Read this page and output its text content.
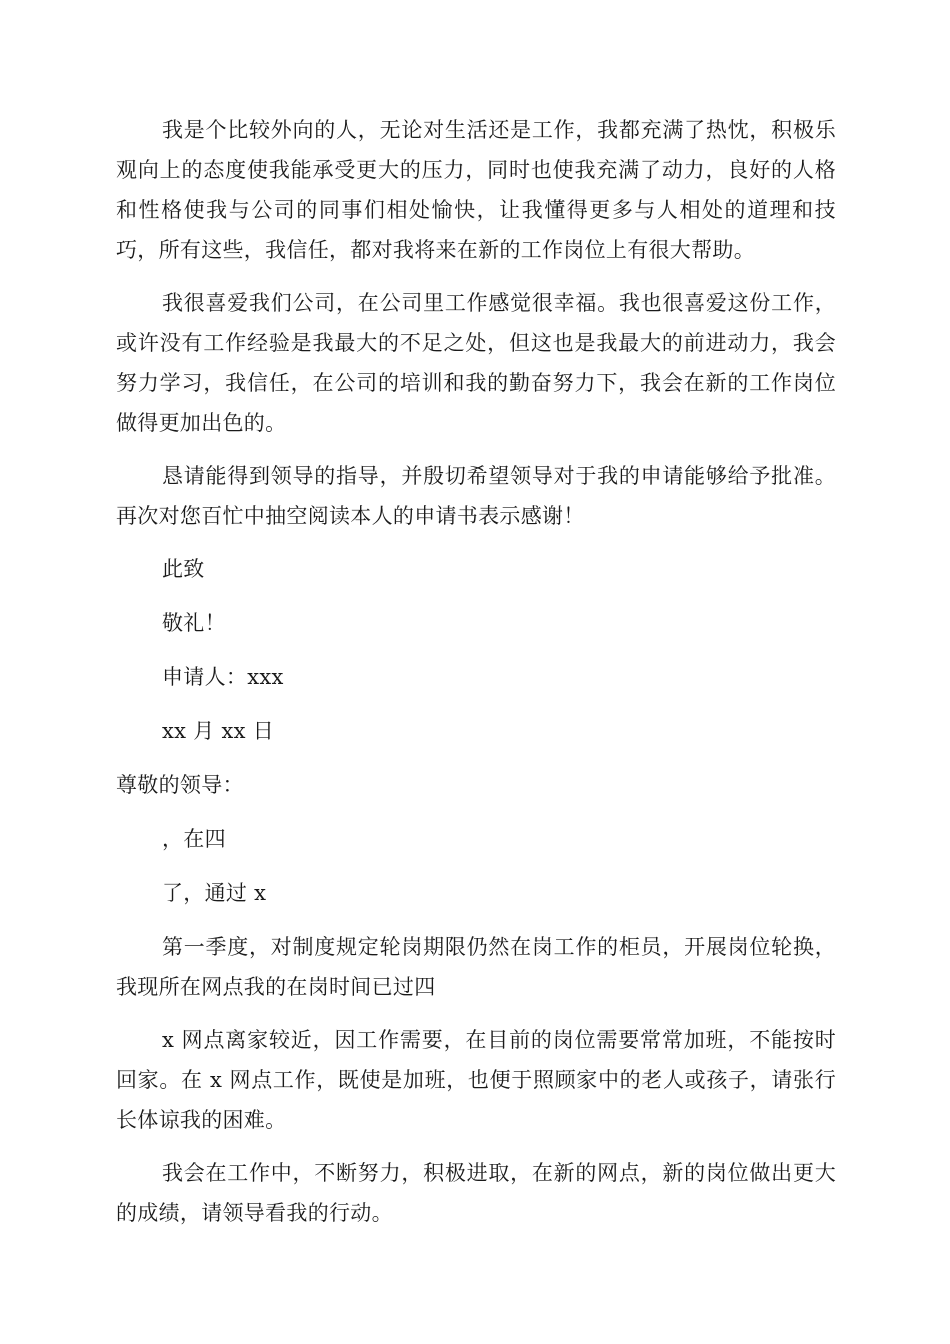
我是个比较外向的人，无论对生活还是工作，我都充满了热忱，积极乐观向上的态度使我能承受更大的压力，同时也使我充满了动力，良好的人格和性格使我与公司的同事们相处愉快，让我懂得更多与人相处的道理和技巧，所有这些，我信任，都对我将来在新的工作岗位上有很大帮助。

我很喜爱我们公司，在公司里工作感觉很幸福。我也很喜爱这份工作，或许没有工作经验是我最大的不足之处，但这也是我最大的前进动力，我会努力学习，我信任，在公司的培训和我的勤奋努力下，我会在新的工作岗位做得更加出色的。

恳请能得到领导的指导，并殷切希望领导对于我的申请能够给予批准。再次对您百忙中抽空阅读本人的申请书表示感谢！

此致

敬礼！

申请人：xxx

xx 月 xx 日

尊敬的领导：

，在四

了，通过 x

第一季度，对制度规定轮岗期限仍然在岗工作的柜员，开展岗位轮换，我现所在网点我的在岗时间已过四

x 网点离家较近，因工作需要，在目前的岗位需要常常加班，不能按时回家。在 x 网点工作，既使是加班，也便于照顾家中的老人或孩子，请张行长体谅我的困难。

我会在工作中，不断努力，积极进取，在新的网点，新的岗位做出更大的成绩，请领导看我的行动。
